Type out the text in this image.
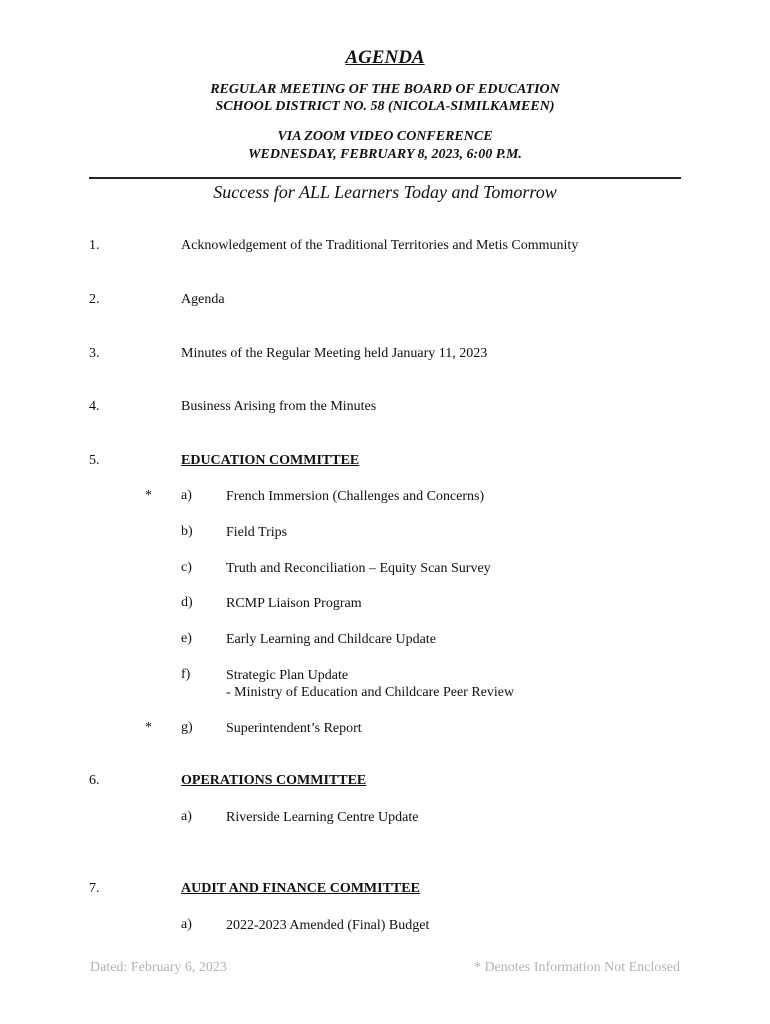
AGENDA
REGULAR MEETING OF THE BOARD OF EDUCATION
SCHOOL DISTRICT NO. 58 (NICOLA-SIMILKAMEEN)
VIA ZOOM VIDEO CONFERENCE
WEDNESDAY, FEBRUARY 8, 2023, 6:00 P.M.
Success for ALL Learners Today and Tomorrow
1.	Acknowledgement of the Traditional Territories and Metis Community
2.	Agenda
3.	Minutes of the Regular Meeting held January 11, 2023
4.	Business Arising from the Minutes
5.	EDUCATION COMMITTEE
* a) French Immersion (Challenges and Concerns)
b) Field Trips
c) Truth and Reconciliation – Equity Scan Survey
d) RCMP Liaison Program
e) Early Learning and Childcare Update
f)	Strategic Plan Update
- Ministry of Education and Childcare Peer Review
* g) Superintendent’s Report
6.	OPERATIONS COMMITTEE
a) Riverside Learning Centre Update
7.	AUDIT AND FINANCE COMMITTEE
a) 2022-2023 Amended (Final) Budget
Dated: February 6, 2023	* Denotes Information Not Enclosed
